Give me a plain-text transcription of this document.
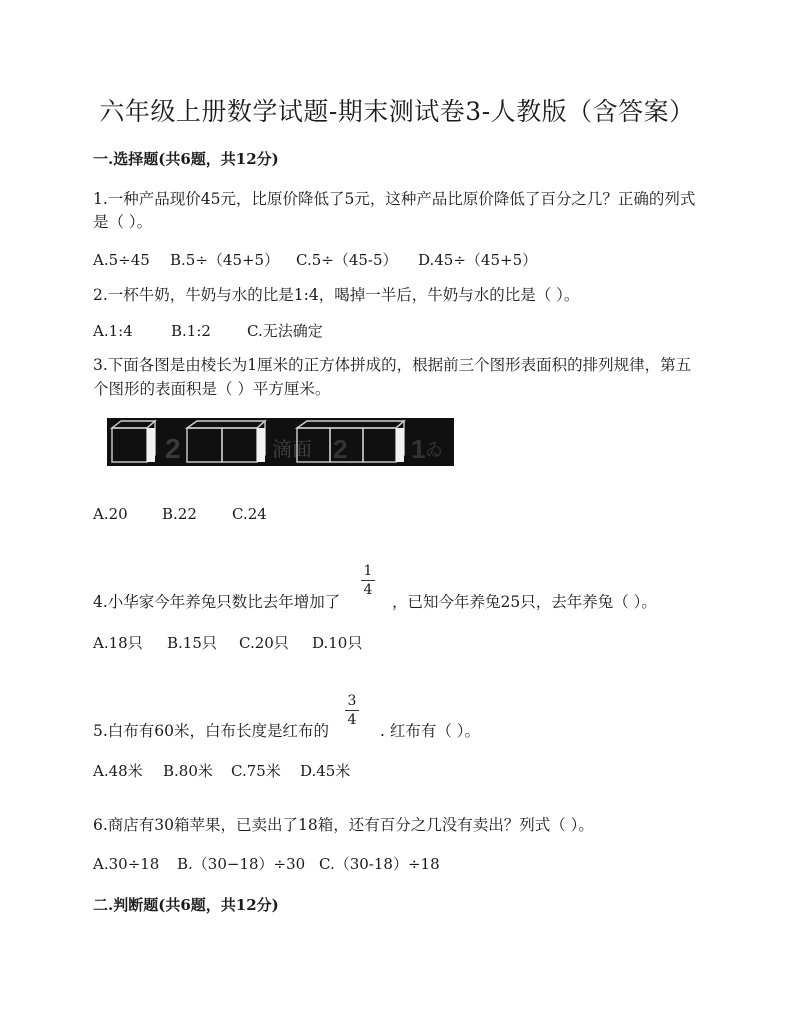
六年级上册数学试题-期末测试卷3-人教版（含答案）
一.选择题(共6题，共12分)
1.一种产品现价45元，比原价降低了5元，这种产品比原价降低了百分之几？正确的列式
是（ ）。
A.5÷45 B.5÷（45+5） C.5÷（45-5） D.45÷（45+5）
2.一杯牛奶，牛奶与水的比是1:4，喝掉一半后，牛奶与水的比是（ ）。
A.1:4	B.1:2 C.无法确定
3.下面各图是由棱长为1厘米的正方体拼成的，根据前三个图形表面积的排列规律，第五
个图形的表面积是（ ）平方厘米。
2	滴面 2 1 ゐ
A.20 B.22 C.24
1
4
4.小华家今年养兔只数比去年增加了	，已知今年养兔25只，去年养兔（ ）。
A.18只 B.15只 C.20只 D.10只
3
4
5.白布有60米，白布长度是红布的	. 红布有（ ）。
A.48米 B.80米 C.75米 D.45米
6.商店有30箱苹果，已卖出了18箱，还有百分之几没有卖出？列式（ ）。
A.30÷18 B.（30−18）÷30 C.（30-18）÷18
二.判断题(共6题，共12分)
